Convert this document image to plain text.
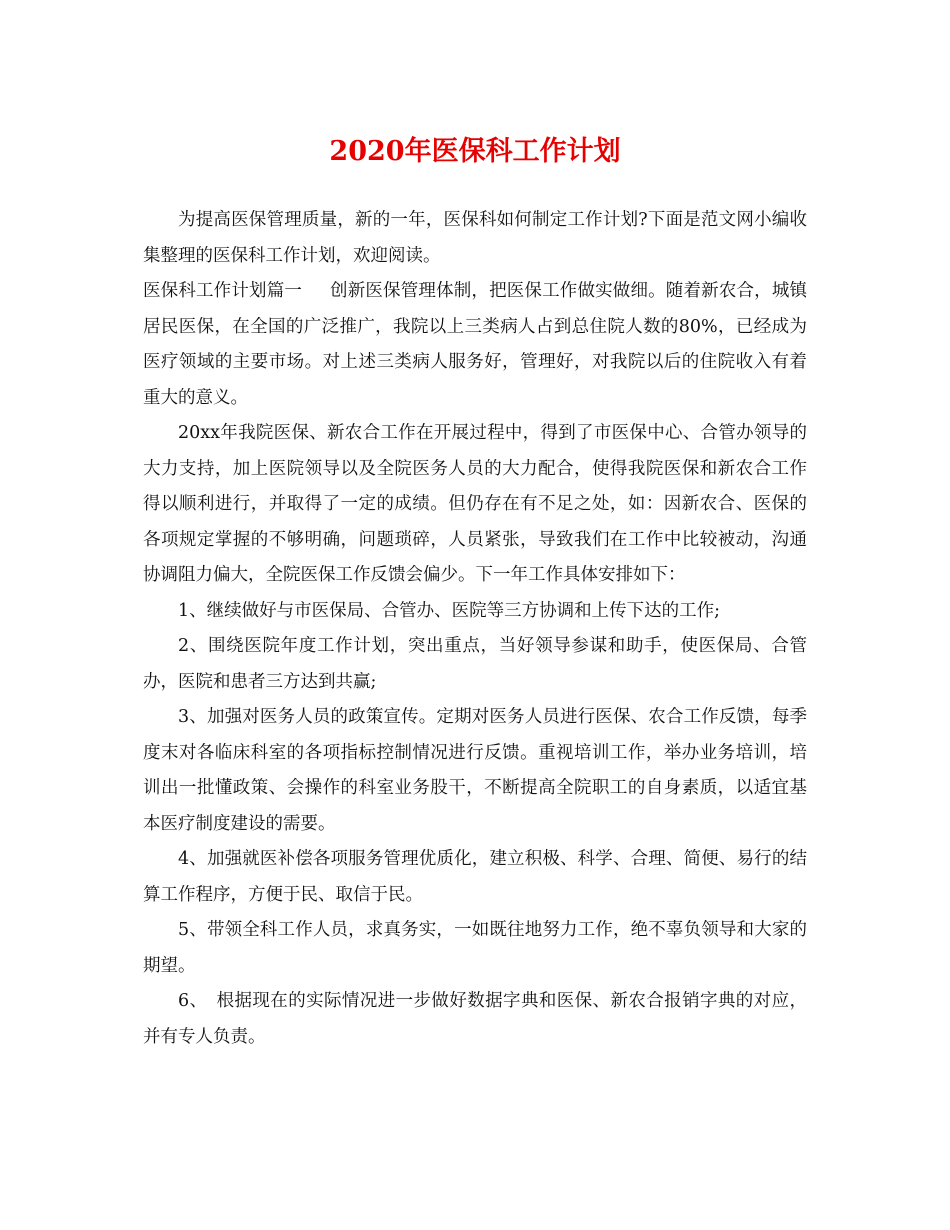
2020年医保科工作计划

为提高医保管理质量，新的一年，医保科如何制定工作计划?下面是范文网小编收集整理的医保科工作计划，欢迎阅读。

医保科工作计划篇一 创新医保管理体制，把医保工作做实做细。随着新农合，城镇居民医保，在全国的广泛推广，我院以上三类病人占到总住院人数的80%，已经成为医疗领域的主要市场。对上述三类病人服务好，管理好，对我院以后的住院收入有着重大的意义。

20xx年我院医保、新农合工作在开展过程中，得到了市医保中心、合管办领导的大力支持，加上医院领导以及全院医务人员的大力配合，使得我院医保和新农合工作得以顺利进行，并取得了一定的成绩。但仍存在有不足之处，如：因新农合、医保的各项规定掌握的不够明确，问题琐碎，人员紧张，导致我们在工作中比较被动，沟通协调阻力偏大，全院医保工作反馈会偏少。下一年工作具体安排如下：

1、继续做好与市医保局、合管办、医院等三方协调和上传下达的工作;

2、围绕医院年度工作计划，突出重点，当好领导参谋和助手，使医保局、合管办，医院和患者三方达到共赢;

3、加强对医务人员的政策宣传。定期对医务人员进行医保、农合工作反馈，每季度末对各临床科室的各项指标控制情况进行反馈。重视培训工作，举办业务培训，培训出一批懂政策、会操作的科室业务股干，不断提高全院职工的自身素质，以适宜基本医疗制度建设的需要。

4、加强就医补偿各项服务管理优质化，建立积极、科学、合理、简便、易行的结算工作程序，方便于民、取信于民。

5、带领全科工作人员，求真务实，一如既往地努力工作，绝不辜负领导和大家的期望。

6、　根据现在的实际情况进一步做好数据字典和医保、新农合报销字典的对应，并有专人负责。
